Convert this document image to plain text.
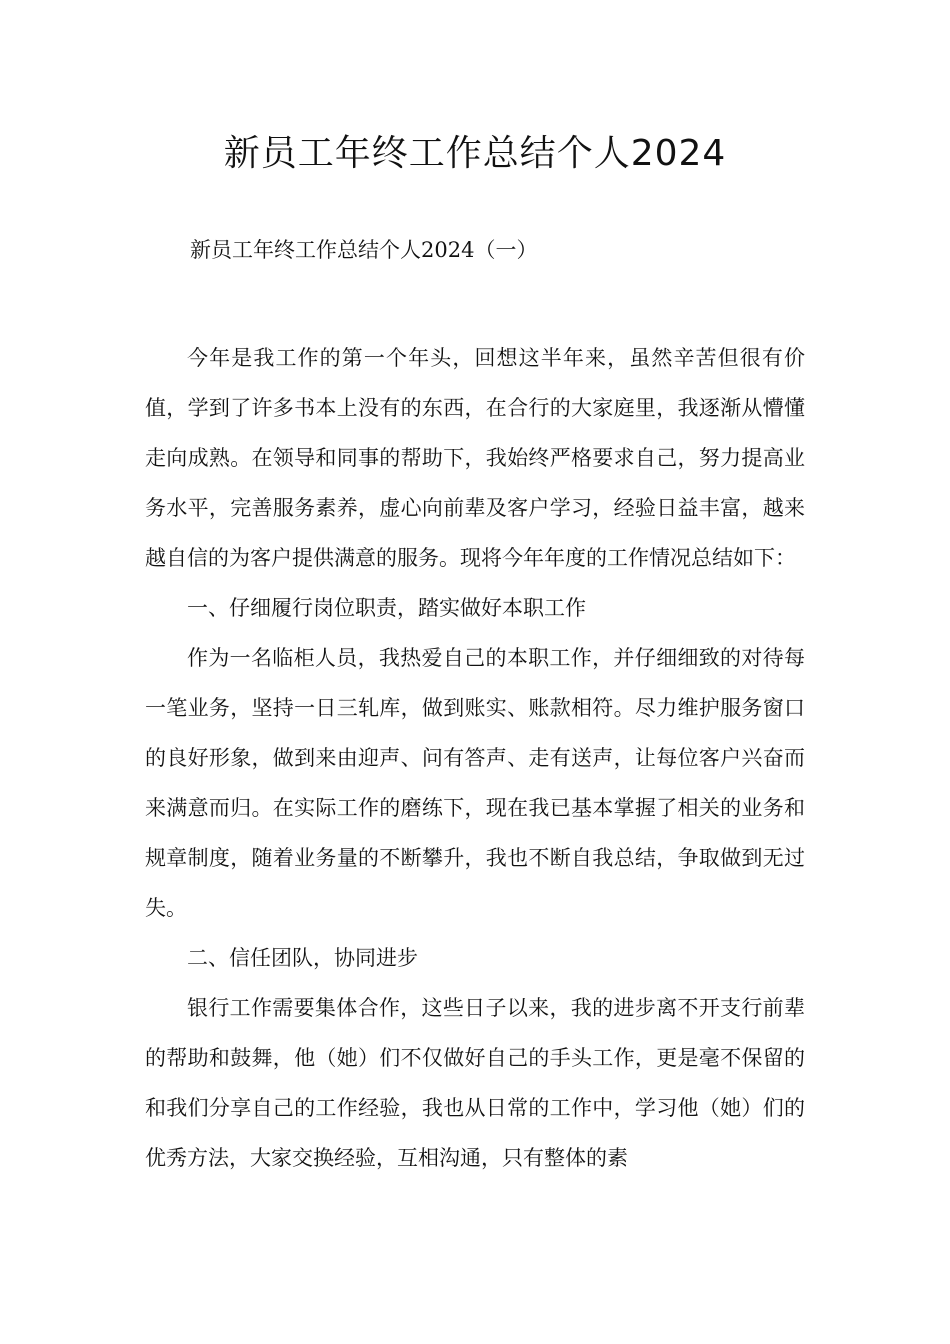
新员工年终工作总结个人2024
新员工年终工作总结个人2024（一）

今年是我工作的第一个年头，回想这半年来，虽然辛苦但很有价值，学到了许多书本上没有的东西，在合行的大家庭里，我逐渐从懵懂走向成熟。在领导和同事的帮助下，我始终严格要求自己，努力提高业务水平，完善服务素养，虚心向前辈及客户学习，经验日益丰富，越来越自信的为客户提供满意的服务。现将今年年度的工作情况总结如下：

一、仔细履行岗位职责，踏实做好本职工作

作为一名临柜人员，我热爱自己的本职工作，并仔细细致的对待每一笔业务，坚持一日三轧库，做到账实、账款相符。尽力维护服务窗口的良好形象，做到来由迎声、问有答声、走有送声，让每位客户兴奋而来满意而归。在实际工作的磨练下，现在我已基本掌握了相关的业务和规章制度，随着业务量的不断攀升，我也不断自我总结，争取做到无过失。

二、信任团队，协同进步

银行工作需要集体合作，这些日子以来，我的进步离不开支行前辈的帮助和鼓舞，他（她）们不仅做好自己的手头工作，更是毫不保留的和我们分享自己的工作经验，我也从日常的工作中，学习他（她）们的优秀方法，大家交换经验，互相沟通，只有整体的素
